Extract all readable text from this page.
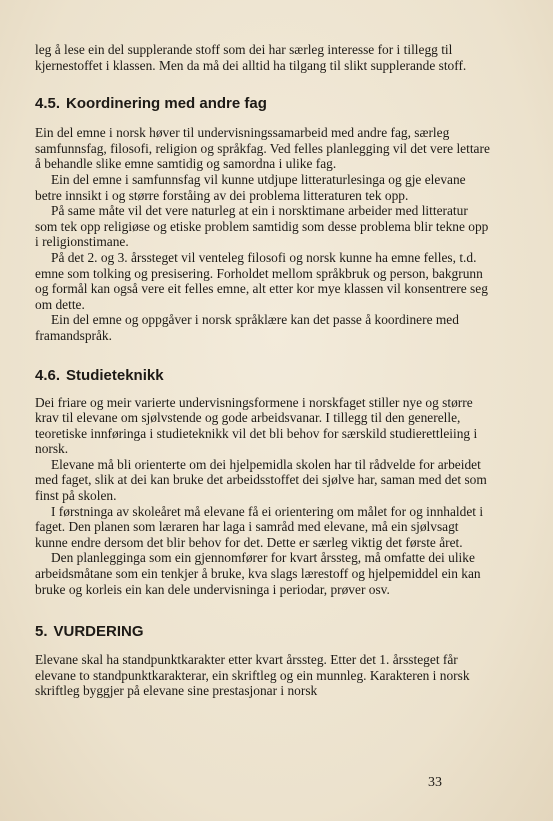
leg å lese ein del supplerande stoff som dei har særleg interesse for i tillegg til kjernestoffet i klassen. Men da må dei alltid ha tilgang til slikt supplerande stoff.

4.5. Koordinering med andre fag

Ein del emne i norsk høver til undervisningssamarbeid med andre fag, særleg samfunnsfag, filosofi, religion og språkfag. Ved felles planlegging vil det vere lettare å behandle slike emne samtidig og samordna i ulike fag.

Ein del emne i samfunnsfag vil kunne utdjupe litteraturlesinga og gje elevane betre innsikt i og større forståing av dei problema litteraturen tek opp.

På same måte vil det vere naturleg at ein i norsktimane arbeider med litteratur som tek opp religiøse og etiske problem samtidig som desse problema blir tekne opp i religionstimane.

På det 2. og 3. årssteget vil venteleg filosofi og norsk kunne ha emne felles, t.d. emne som tolking og presisering. Forholdet mellom språkbruk og person, bakgrunn og formål kan også vere eit felles emne, alt etter kor mye klassen vil konsentrere seg om dette.

Ein del emne og oppgåver i norsk språklære kan det passe å koordinere med framandspråk.

4.6. Studieteknikk

Dei friare og meir varierte undervisningsformene i norskfaget stiller nye og større krav til elevane om sjølvstende og gode arbeidsvanar. I tillegg til den generelle, teoretiske innføringa i studieteknikk vil det bli behov for særskild studierettleiing i norsk.

Elevane må bli orienterte om dei hjelpemidla skolen har til rådvelde for arbeidet med faget, slik at dei kan bruke det arbeidsstoffet dei sjølve har, saman med det som finst på skolen.

I førstninga av skoleåret må elevane få ei orientering om målet for og innhaldet i faget. Den planen som læraren har laga i samråd med elevane, må ein sjølvsagt kunne endre dersom det blir behov for det. Dette er særleg viktig det første året.

Den planlegginga som ein gjennomfører for kvart årssteg, må omfatte dei ulike arbeidsmåtane som ein tenkjer å bruke, kva slags lærestoff og hjelpemiddel ein kan bruke og korleis ein kan dele undervisninga i periodar, prøver osv.

5. VURDERING

Elevane skal ha standpunktkarakter etter kvart årssteg. Etter det 1. årssteget får elevane to standpunktkarakterar, ein skriftleg og ein munnleg. Karakteren i norsk skriftleg byggjer på elevane sine prestasjonar i norsk

33
